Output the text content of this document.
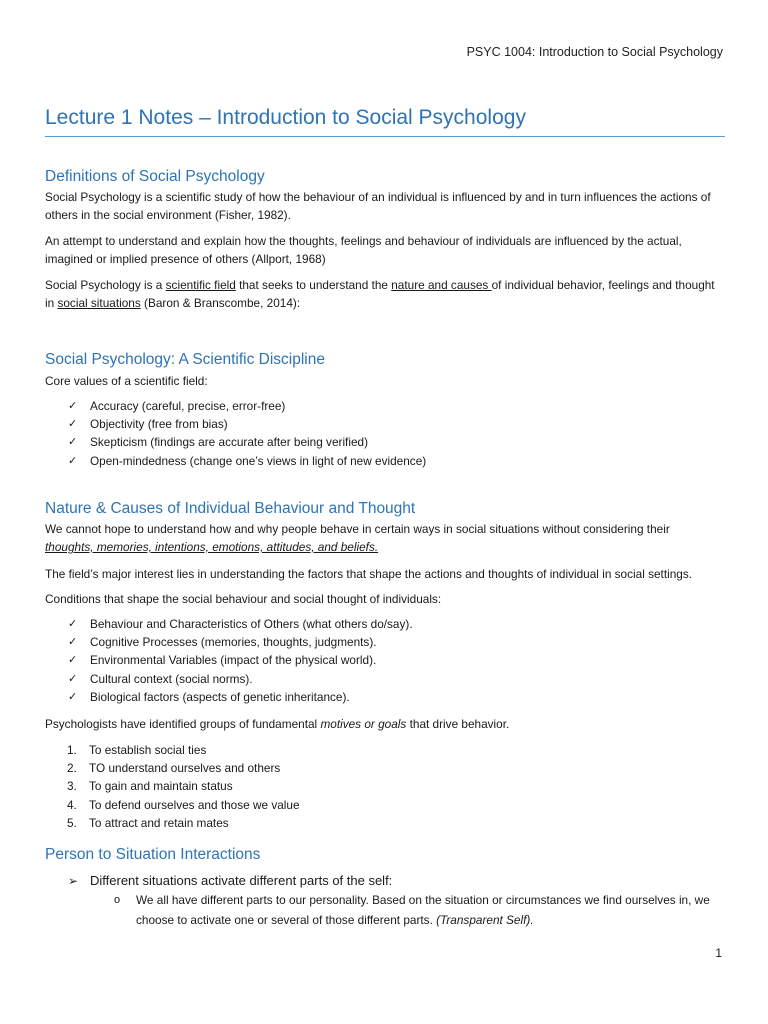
PSYC 1004: Introduction to Social Psychology
Lecture 1 Notes – Introduction to Social Psychology
Definitions of Social Psychology

Social Psychology is a scientific study of how the behaviour of an individual is influenced by and in turn influences the actions of others in the social environment (Fisher, 1982).

An attempt to understand and explain how the thoughts, feelings and behaviour of individuals are influenced by the actual, imagined or implied presence of others (Allport, 1968)

Social Psychology is a scientific field that seeks to understand the nature and causes of individual behavior, feelings and thought in social situations (Baron & Branscombe, 2014):

Social Psychology: A Scientific Discipline

Core values of a scientific field:

✓	Accuracy (careful, precise, error-free)
✓	Objectivity (free from bias)
✓	Skepticism (findings are accurate after being verified)
✓	Open-mindedness (change one’s views in light of new evidence)
Nature & Causes of Individual Behaviour and Thought

We cannot hope to understand how and why people behave in certain ways in social situations without considering their thoughts, memories, intentions, emotions, attitudes, and beliefs.

The field’s major interest lies in understanding the factors that shape the actions and thoughts of individual in social settings.

Conditions that shape the social behaviour and social thought of individuals:

✓	Behaviour and Characteristics of Others (what others do/say).
✓	Cognitive Processes (memories, thoughts, judgments).
✓	Environmental Variables (impact of the physical world).
✓	Cultural context (social norms).
✓	Biological factors (aspects of genetic inheritance).

Psychologists have identified groups of fundamental motives or goals that drive behavior.

1. To establish social ties
2. TO understand ourselves and others
3. To gain and maintain status
4. To defend ourselves and those we value
5. To attract and retain mates
Person to Situation Interactions
➢ Different situations activate different parts of the self:
o	We all have different parts to our personality. Based on the situation or circumstances we find ourselves in, we choose to activate one or several of those different parts. (Transparent Self).
1
